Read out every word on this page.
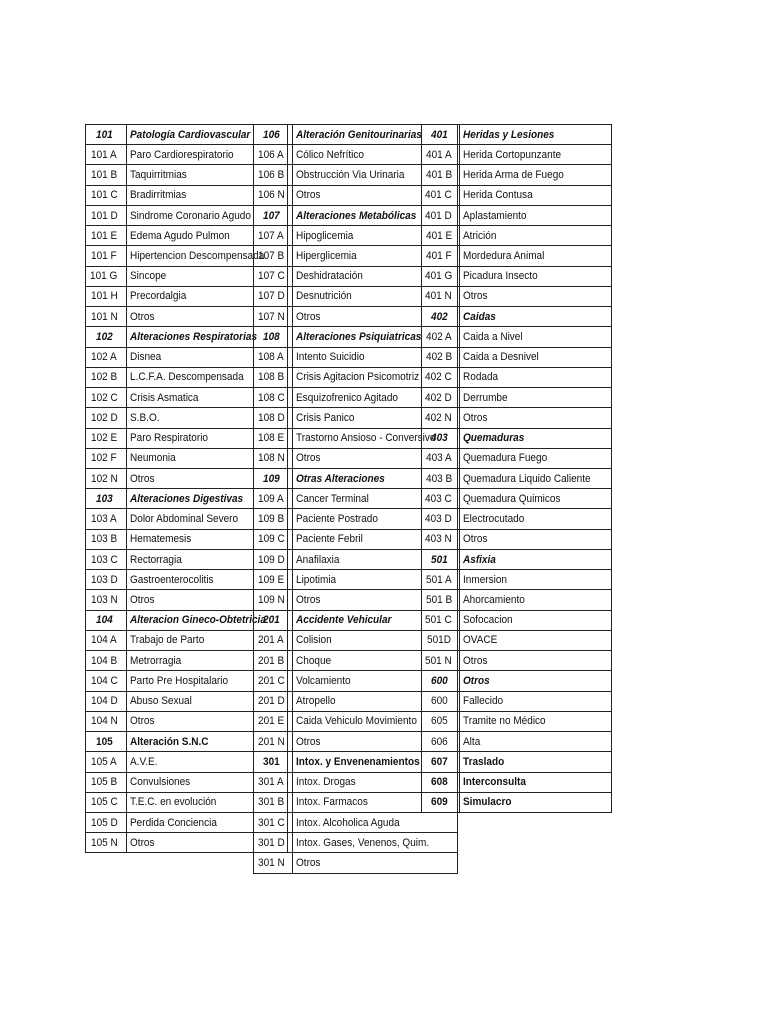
101	Patología Cardiovascular
101 A	Paro Cardiorespiratorio
101 B	Taquirritmias
101 C	Bradirritmias
101 D	Sindrome Coronario Agudo
101 E	Edema Agudo Pulmon
101 F	Hipertencion Descompensada
101 G	Sincope
101 H	Precordalgia
101 N	Otros
102	Alteraciones Respiratorias
102 A	Disnea
102 B	L.C.F.A. Descompensada
102 C	Crisis Asmatica
102 D	S.B.O.
102 E	Paro Respiratorio
102 F	Neumonia
102 N	Otros
103	Alteraciones Digestivas
103 A	Dolor Abdominal Severo
103 B	Hematemesis
103 C	Rectorragia
103 D	Gastroenterocolitis
103 N	Otros
104	Alteracion Gineco-Obtetricia
104 A	Trabajo de Parto
104 B	Metrorragia
104 C	Parto Pre Hospitalario
104 D	Abuso Sexual
104 N	Otros
105	Alteración S.N.C
105 A	A.V.E.
105 B	Convulsiones
105 C	T.E.C. en evolución
105 D	Perdida Conciencia
105 N	Otros
106	Alteración Genitourinarias
106 A	Cólico Nefrítico
106 B	Obstrucción Via Urinaria
106 N	Otros
107	Alteraciones Metabólicas
107 A	Hipoglicemia
107 B	Hiperglicemia
107 C	Deshidratación
107 D	Desnutrición
107 N	Otros
108	Alteraciones Psiquiatricas
108 A	Intento Suicidio
108 B	Crisis Agitacion Psicomotriz
108 C	Esquizofrenico Agitado
108 D	Crisis Panico
108 E	Trastorno Ansioso - Conversivo
108 N	Otros
109	Otras Alteraciones
109 A	Cancer Terminal
109 B	Paciente Postrado
109 C	Paciente Febril
109 D	Anafilaxia
109 E	Lipotimia
109 N	Otros
201	Accidente Vehicular
201 A	Colision
201 B	Choque
201 C	Volcamiento
201 D	Atropello
201 E	Caida Vehiculo Movimiento
201 N	Otros
301	Intox. y Envenenamientos
301 A	Intox. Drogas
301 B	Intox. Farmacos
301 C	Intox. Alcoholica Aguda
301 D	Intox. Gases, Venenos, Quim.
301 N	Otros
401	Heridas y Lesiones
401 A	Herida Cortopunzante
401 B	Herida Arma de Fuego
401 C	Herida Contusa
401 D	Aplastamiento
401 E	Atrición
401 F	Mordedura Animal
401 G	Picadura Insecto
401 N	Otros
402	Caidas
402 A	Caida a Nivel
402 B	Caida a Desnivel
402 C	Rodada
402 D	Derrumbe
402 N	Otros
403	Quemaduras
403 A	Quemadura Fuego
403 B	Quemadura Liquido Caliente
403 C	Quemadura Quimicos
403 D	Electrocutado
403 N	Otros
501	Asfixia
501 A	Inmersion
501 B	Ahorcamiento
501 C	Sofocacion
501D	OVACE
501 N	Otros
600	Otros
600	Fallecido
605	Tramite no Médico
606	Alta
607	Traslado
608	Interconsulta
609	Simulacro
